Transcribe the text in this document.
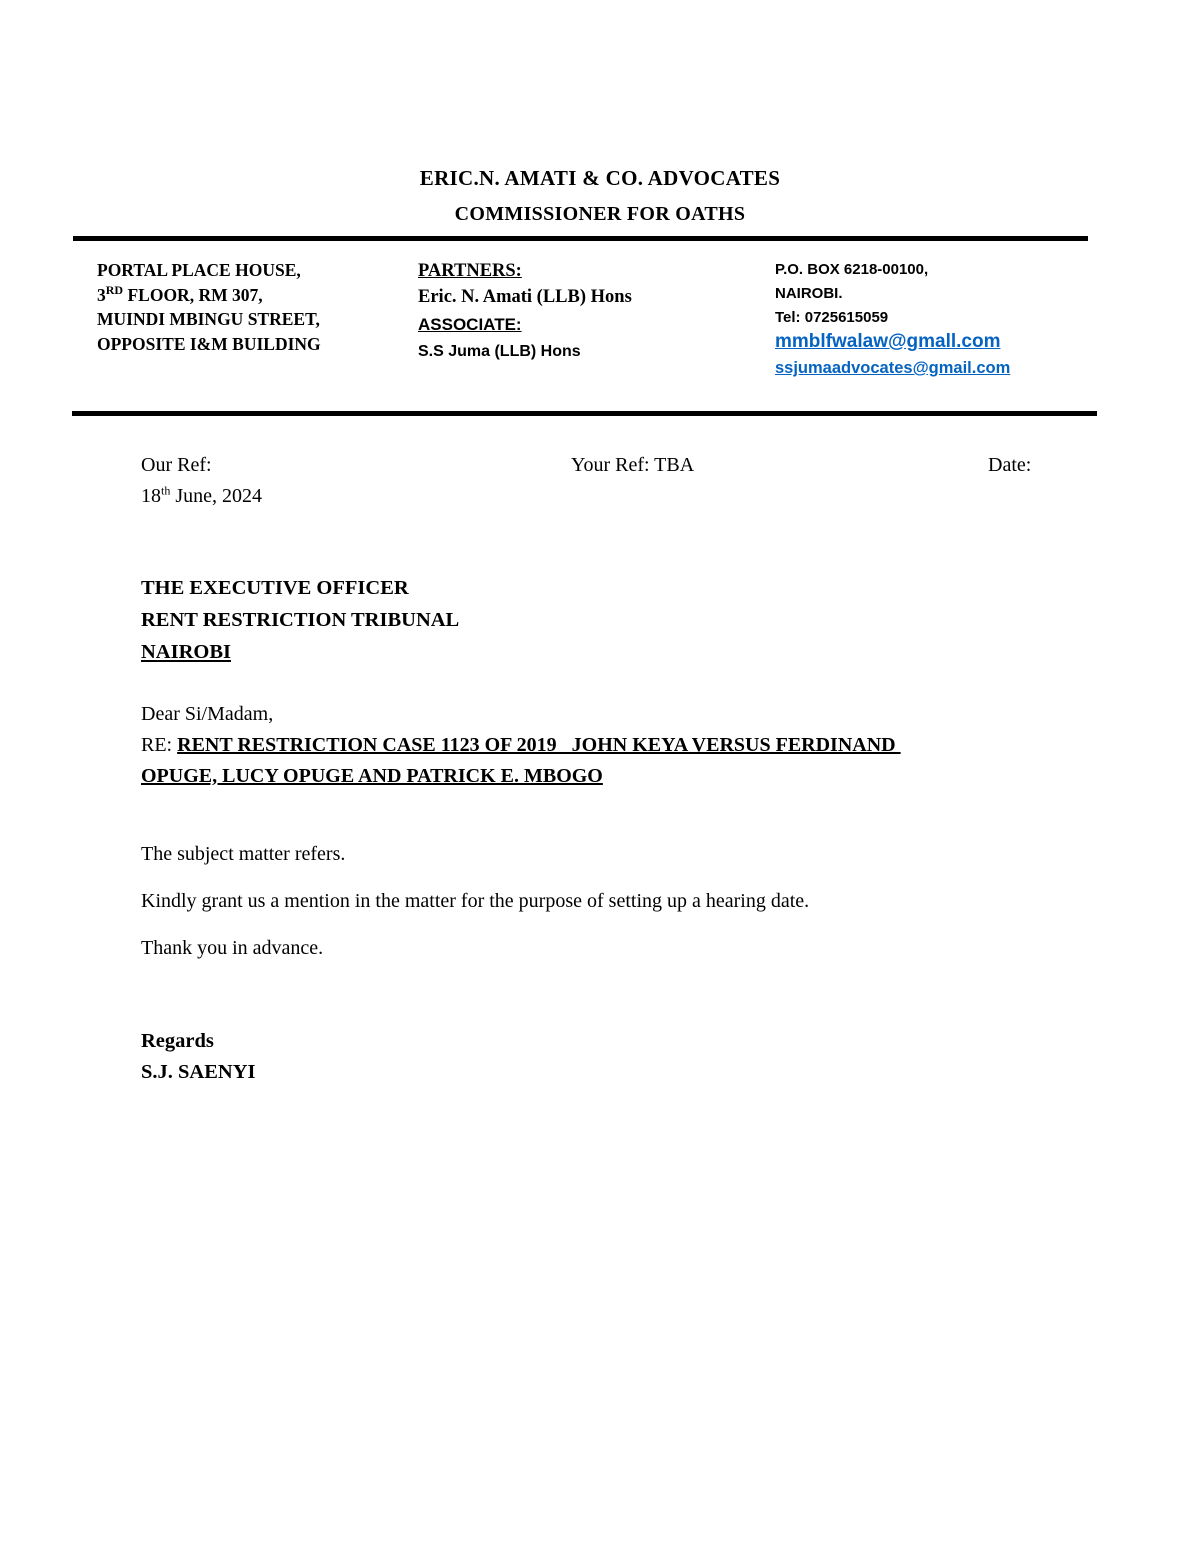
ERIC.N. AMATI & CO. ADVOCATES
COMMISSIONER FOR OATHS
PORTAL PLACE HOUSE,
3RD FLOOR, RM 307,
MUINDI MBINGU STREET,
OPPOSITE I&M BUILDING
PARTNERS:
Eric. N. Amati (LLB) Hons
ASSOCIATE:
S.S Juma (LLB) Hons
P.O. BOX 6218-00100,
NAIROBI.
Tel: 0725615059
mmblfwalaw@gmall.com
ssjumaadvocates@gmail.com
Our Ref:	Your Ref: TBA	Date:
18th June, 2024
THE EXECUTIVE OFFICER
RENT RESTRICTION TRIBUNAL
NAIROBI
Dear Si/Madam,
RE: RENT RESTRICTION CASE 1123 OF 2019   JOHN KEYA VERSUS FERDINAND
OPUGE, LUCY OPUGE AND PATRICK E. MBOGO
The subject matter refers.
Kindly grant us a mention in the matter for the purpose of setting up a hearing date.
Thank you in advance.
Regards
S.J. SAENYI
